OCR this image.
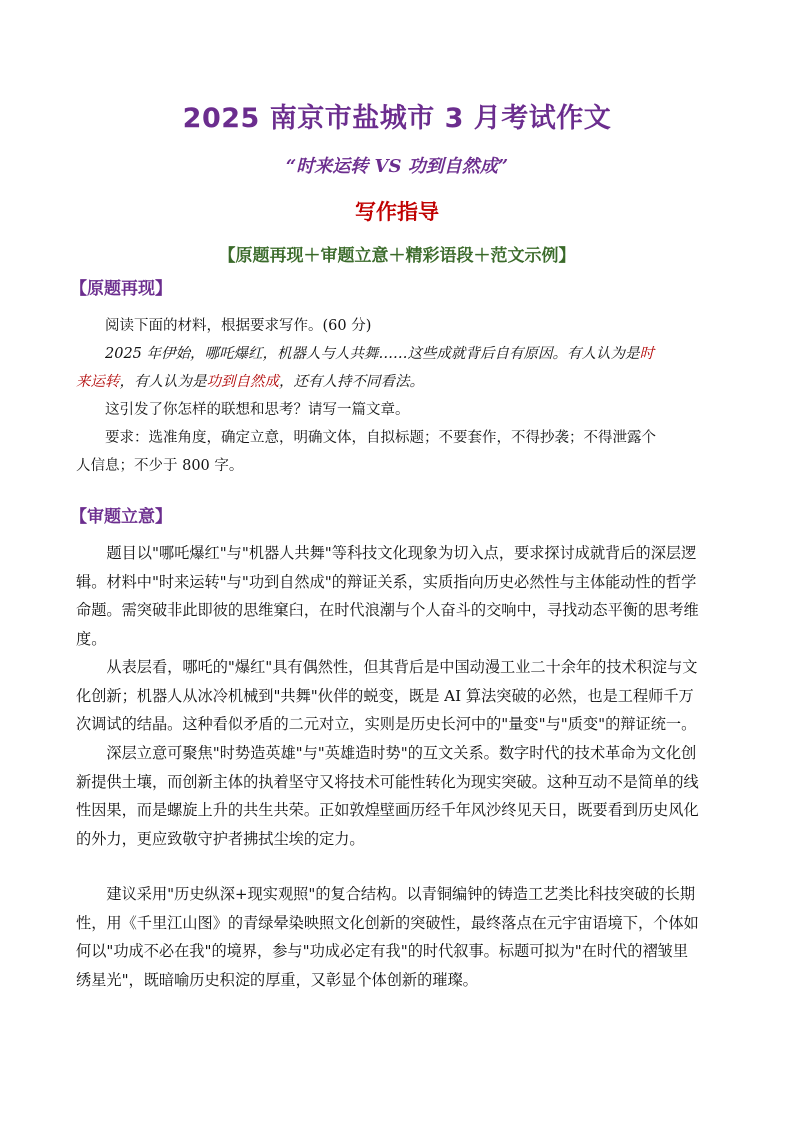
2025 南京市盐城市 3 月考试作文
“时来运转 VS 功到自然成”
写作指导
【原题再现＋审题立意＋精彩语段＋范文示例】
【原题再现】
阅读下面的材料，根据要求写作。(60 分)
2025 年伊始，哪吒爆红，机器人与人共舞……这些成就背后自有原因。有人认为是时
来运转，有人认为是功到自然成，还有人持不同看法。
这引发了你怎样的联想和思考？请写一篇文章。
要求：选准角度，确定立意，明确文体，自拟标题；不要套作，不得抄袭；不得泄露个
人信息；不少于 800 字。
【审题立意】
题目以"哪吒爆红"与"机器人共舞"等科技文化现象为切入点，要求探讨成就背后的深层逻
辑。材料中"时来运转"与"功到自然成"的辩证关系，实质指向历史必然性与主体能动性的哲学
命题。需突破非此即彼的思维窠臼，在时代浪潮与个人奋斗的交响中，寻找动态平衡的思考维
度。
从表层看，哪吒的"爆红"具有偶然性，但其背后是中国动漫工业二十余年的技术积淀与文
化创新；机器人从冰冷机械到"共舞"伙伴的蜕变，既是 AI 算法突破的必然，也是工程师千万
次调试的结晶。这种看似矛盾的二元对立，实则是历史长河中的"量变"与"质变"的辩证统一。
深层立意可聚焦"时势造英雄"与"英雄造时势"的互文关系。数字时代的技术革命为文化创
新提供土壤，而创新主体的执着坚守又将技术可能性转化为现实突破。这种互动不是简单的线
性因果，而是螺旋上升的共生共荣。正如敦煌壁画历经千年风沙终见天日，既要看到历史风化
的外力，更应致敬守护者拂拭尘埃的定力。
建议采用"历史纵深+现实观照"的复合结构。以青铜编钟的铸造工艺类比科技突破的长期
性，用《千里江山图》的青绿晕染映照文化创新的突破性，最终落点在元宇宙语境下，个体如
何以"功成不必在我"的境界，参与"功成必定有我"的时代叙事。标题可拟为"在时代的褶皱里
绣星光"，既暗喻历史积淀的厚重，又彰显个体创新的璀璨。
